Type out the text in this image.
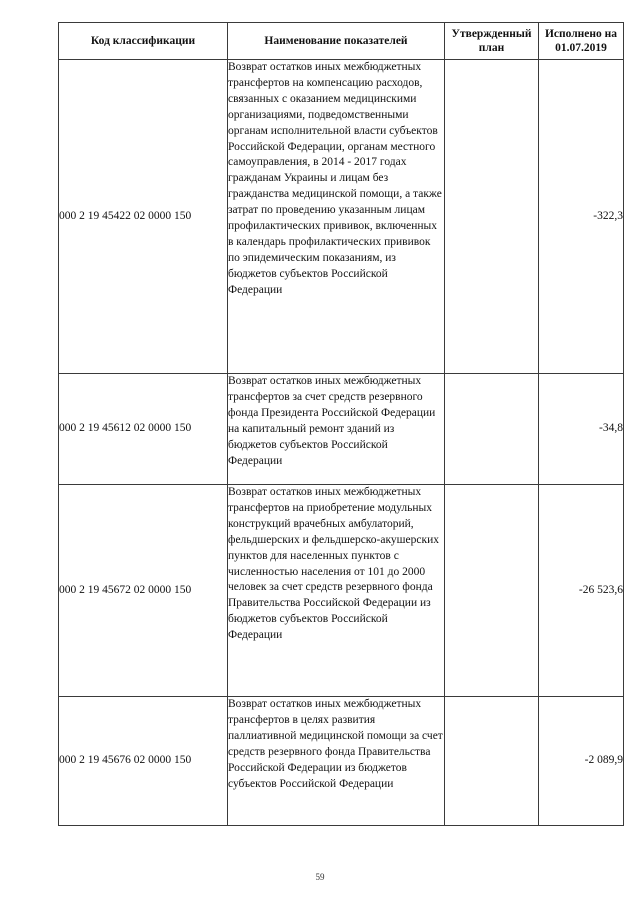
Код классификации	Наименование показателей	Утвержденный план	Исполнено на 01.07.2019
000 2 19 45422 02 0000 150	Возврат остатков иных межбюджетных трансфертов на компенсацию расходов, связанных с оказанием медицинскими организациями, подведомственными органам исполнительной власти субъектов Российской Федерации, органам местного самоуправления, в 2014 - 2017 годах гражданам Украины и лицам без гражданства медицинской помощи, а также затрат по проведению указанным лицам профилактических прививок, включенных в календарь профилактических прививок по эпидемическим показаниям, из бюджетов субъектов Российской Федерации		-322,3
000 2 19 45612 02 0000 150	Возврат остатков иных межбюджетных трансфертов за счет средств резервного фонда Президента Российской Федерации на капитальный ремонт зданий из бюджетов субъектов Российской Федерации		-34,8
000 2 19 45672 02 0000 150	Возврат остатков иных межбюджетных трансфертов на приобретение модульных конструкций врачебных амбулаторий, фельдшерских и фельдшерско-акушерских пунктов для населенных пунктов с численностью населения от 101 до 2000 человек за счет средств резервного фонда Правительства Российской Федерации из бюджетов субъектов Российской Федерации		-26 523,6
000 2 19 45676 02 0000 150	Возврат остатков иных межбюджетных трансфертов в целях развития паллиативной медицинской помощи за счет средств резервного фонда Правительства Российской Федерации из бюджетов субъектов Российской Федерации		-2 089,9
59
